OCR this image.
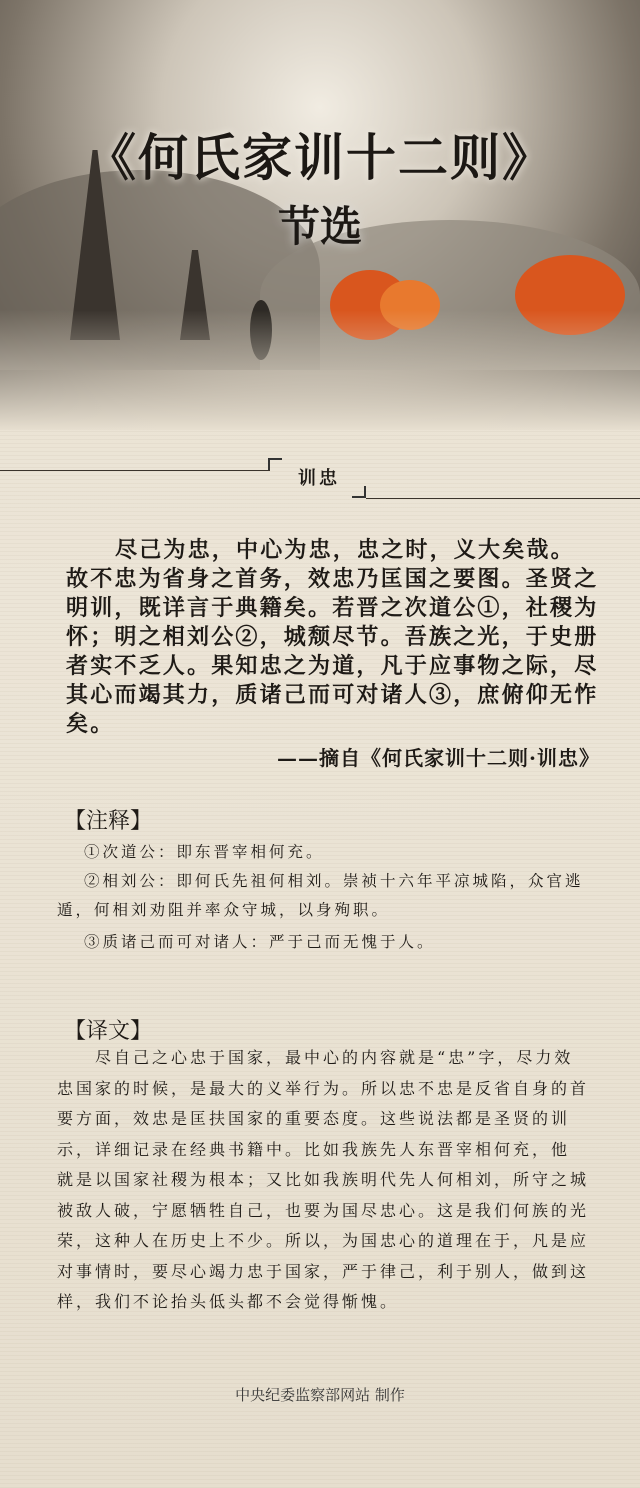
《何氏家训十二则》
节选
训忠
尽己为忠，中心为忠，忠之时，义大矣哉。
故不忠为省身之首务，效忠乃匡国之要图。圣贤之
明训，既详言于典籍矣。若晋之次道公①，社稷为
怀；明之相刘公②，城颓尽节。吾族之光，于史册
者实不乏人。果知忠之为道，凡于应事物之际，尽
其心而竭其力，质诸己而可对诸人③，庶俯仰无怍
矣。
——摘自《何氏家训十二则·训忠》
【注释】
①次道公：即东晋宰相何充。
②相刘公：即何氏先祖何相刘。崇祯十六年平凉城陷，众官逃
遁，何相刘劝阻并率众守城，以身殉职。
③质诸己而可对诸人：严于己而无愧于人。
【译文】
尽自己之心忠于国家，最中心的内容就是“忠”字，尽力效
忠国家的时候，是最大的义举行为。所以忠不忠是反省自身的首
要方面，效忠是匡扶国家的重要态度。这些说法都是圣贤的训
示，详细记录在经典书籍中。比如我族先人东晋宰相何充，他
就是以国家社稷为根本；又比如我族明代先人何相刘，所守之城
被敌人破，宁愿牺牲自己，也要为国尽忠心。这是我们何族的光
荣，这种人在历史上不少。所以，为国忠心的道理在于，凡是应
对事情时，要尽心竭力忠于国家，严于律己，利于别人，做到这
样，我们不论抬头低头都不会觉得惭愧。
中央纪委监察部网站 制作
